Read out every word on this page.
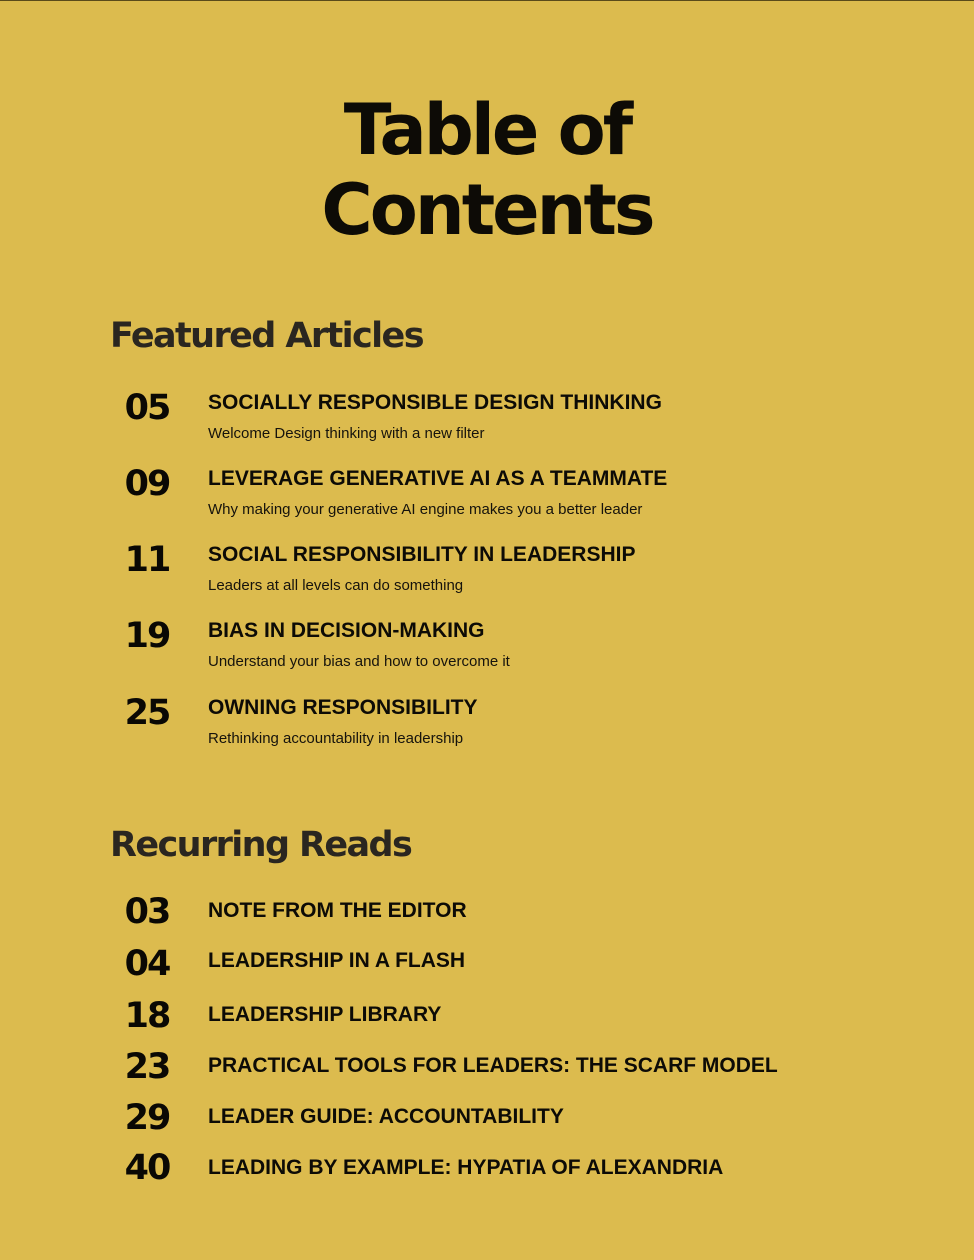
Table of
Contents
Featured Articles
05	SOCIALLY RESPONSIBLE DESIGN THINKING
Welcome Design thinking with a new filter
09	LEVERAGE GENERATIVE AI AS A TEAMMATE
Why making your generative AI engine makes you a better leader
11	SOCIAL RESPONSIBILITY IN LEADERSHIP
Leaders at all levels can do something
19	BIAS IN DECISION-MAKING
Understand your bias and how to overcome it
25	OWNING RESPONSIBILITY
Rethinking accountability in leadership
Recurring Reads
03	NOTE FROM THE EDITOR
04	LEADERSHIP IN A FLASH
18	LEADERSHIP LIBRARY
23	PRACTICAL TOOLS FOR LEADERS: THE SCARF MODEL
29	LEADER GUIDE: ACCOUNTABILITY
40	LEADING BY EXAMPLE: HYPATIA OF ALEXANDRIA
